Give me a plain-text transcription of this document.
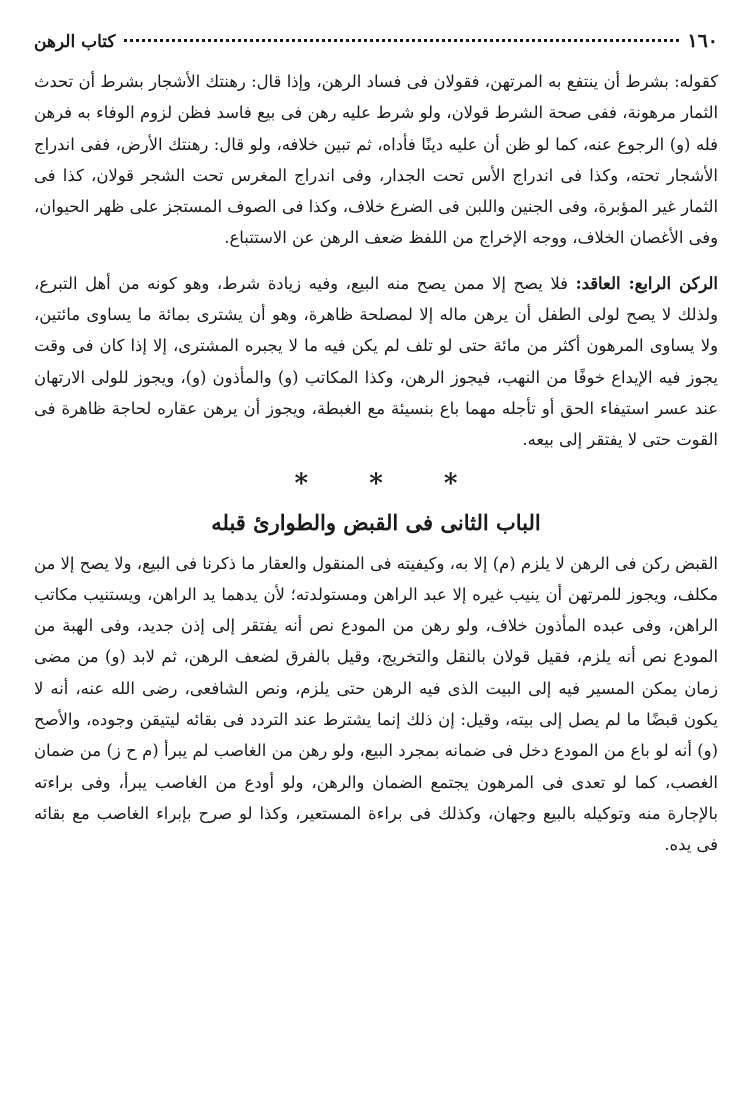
١٦٠
كتاب الرهن

كقوله: بشرط أن ينتفع به المرتهن، فقولان فى فساد الرهن، وإذا قال: رهنتك الأشجار بشرط أن تحدث الثمار مرهونة، ففى صحة الشرط قولان، ولو شرط عليه رهن فى بيع فاسد فظن لزوم الوفاء به فرهن فله (و) الرجوع عنه، كما لو ظن أن عليه دينًا فأداه، ثم تبين خلافه، ولو قال: رهنتك الأرض، ففى اندراج الأشجار تحته، وكذا فى اندراج الأس تحت الجدار، وفى اندراج المغرس تحت الشجر قولان، كذا فى الثمار غير المؤبرة، وفى الجنين واللبن فى الضرع خلاف، وكذا فى الصوف المستجز على ظهر الحيوان، وفى الأغصان الخلاف، ووجه الإخراج من اللفظ ضعف الرهن عن الاستتباع.

الركن الرابع: العاقد: فلا يصح إلا ممن يصح منه البيع، وفيه زيادة شرط، وهو كونه من أهل التبرع، ولذلك لا يصح لولى الطفل أن يرهن ماله إلا لمصلحة ظاهرة، وهو أن يشترى بمائة ما يساوى مائتين، ولا يساوى المرهون أكثر من مائة حتى لو تلف لم يكن فيه ما لا يجبره المشترى، إلا إذا كان فى وقت يجوز فيه الإيداع خوفًا من النهب، فيجوز الرهن، وكذا المكاتب (و) والمأذون (و)، ويجوز للولى الارتهان عند عسر استيفاء الحق أو تأجله مهما باع بنسيئة مع الغبطة، ويجوز أن يرهن عقاره لحاجة ظاهرة فى القوت حتى لا يفتقر إلى بيعه.

* * *
الباب الثانى فى القبض والطوارئ قبله

القبض ركن فى الرهن لا يلزم (م) إلا به، وكيفيته فى المنقول والعقار ما ذكرنا فى البيع، ولا يصح إلا من مكلف، ويجوز للمرتهن أن ينيب غيره إلا عبد الراهن ومستولدته؛ لأن يدهما يد الراهن، ويستنيب مكاتب الراهن، وفى عبده المأذون خلاف، ولو رهن من المودع نص أنه يفتقر إلى إذن جديد، وفى الهبة من المودع نص أنه يلزم، فقيل قولان بالنقل والتخريج، وقيل بالفرق لضعف الرهن، ثم لابد (و) من مضى زمان يمكن المسير فيه إلى البيت الذى فيه الرهن حتى يلزم، ونص الشافعى، رضى الله عنه، أنه لا يكون قبضًا ما لم يصل إلى بيته، وقيل: إن ذلك إنما يشترط عند التردد فى بقائه ليتيقن وجوده، والأصح (و) أنه لو باع من المودع دخل فى ضمانه بمجرد البيع، ولو رهن من الغاصب لم يبرأ (م ح ز) من ضمان الغصب، كما لو تعدى فى المرهون يجتمع الضمان والرهن، ولو أودع من الغاصب يبرأ، وفى براءته بالإجارة منه وتوكيله بالبيع وجهان، وكذلك فى براءة المستعير، وكذا لو صرح بإبراء الغاصب مع بقائه فى يده.
